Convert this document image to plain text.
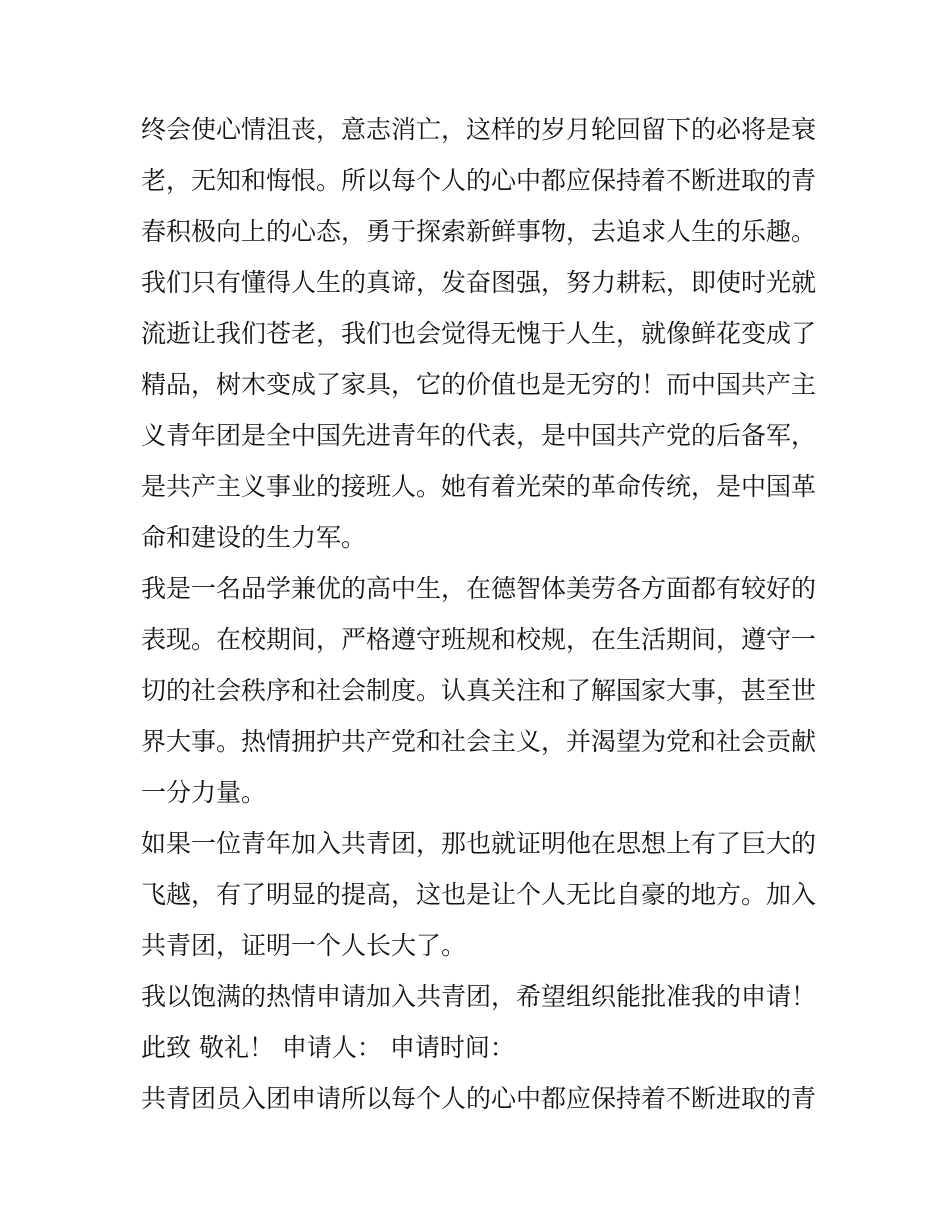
终会使心情沮丧，意志消亡，这样的岁月轮回留下的必将是衰
老，无知和悔恨。所以每个人的心中都应保持着不断进取的青
春积极向上的心态，勇于探索新鲜事物，去追求人生的乐趣。
我们只有懂得人生的真谛，发奋图强，努力耕耘，即使时光就
流逝让我们苍老，我们也会觉得无愧于人生，就像鲜花变成了
精品，树木变成了家具，它的价值也是无穷的！而中国共产主
义青年团是全中国先进青年的代表，是中国共产党的后备军，
是共产主义事业的接班人。她有着光荣的革命传统，是中国革
命和建设的生力军。
我是一名品学兼优的高中生，在德智体美劳各方面都有较好的
表现。在校期间，严格遵守班规和校规，在生活期间，遵守一
切的社会秩序和社会制度。认真关注和了解国家大事，甚至世
界大事。热情拥护共产党和社会主义，并渴望为党和社会贡献
一分力量。
如果一位青年加入共青团，那也就证明他在思想上有了巨大的
飞越，有了明显的提高，这也是让个人无比自豪的地方。加入
共青团，证明一个人长大了。
我以饱满的热情申请加入共青团，希望组织能批准我的申请！
此致 敬礼！ 申请人： 申请时间：
共青团员入团申请所以每个人的心中都应保持着不断进取的青
